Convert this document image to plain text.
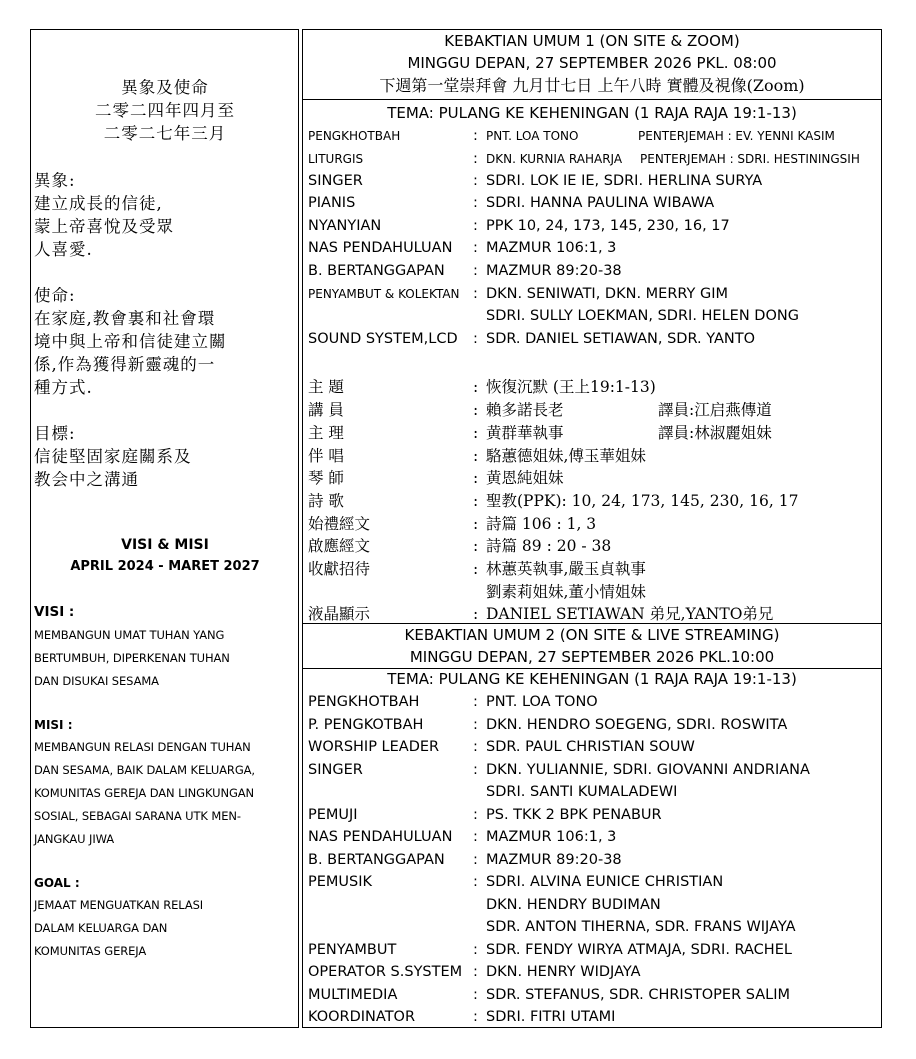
異象及使命
二零二四年四月至
二零二七年三月
異象:
建立成長的信徒,
蒙上帝喜悅及受眾
人喜愛.
使命:
在家庭,教會裏和社會環
境中與上帝和信徒建立關
係,作為獲得新靈魂的一
種方式.
目標:
信徒堅固家庭關系及
教会中之溝通
VISI & MISI
APRIL 2024 - MARET 2027
VISI :
MEMBANGUN UMAT TUHAN YANG
BERTUMBUH, DIPERKENAN TUHAN
DAN DISUKAI SESAMA
MISI :
MEMBANGUN RELASI DENGAN TUHAN
DAN SESAMA, BAIK DALAM KELUARGA,
KOMUNITAS GEREJA DAN LINGKUNGAN
SOSIAL, SEBAGAI SARANA UTK MEN-
JANGKAU JIWA
GOAL :
JEMAAT MENGUATKAN RELASI
DALAM KELUARGA DAN
KOMUNITAS GEREJA
KEBAKTIAN UMUM 1 (ON SITE & ZOOM)
MINGGU DEPAN, 27 SEPTEMBER 2026 PKL. 08:00
下週第一堂崇拜會 九月廿七日 上午八時 實體及視像(Zoom)
TEMA: PULANG KE KEHENINGAN (1 RAJA RAJA 19:1-13)
PENGKHOTBAH	: PNT. LOA TONO	PENTERJEMAH : EV. YENNI KASIM
LITURGIS	: DKN. KURNIA RAHARJA PENTERJEMAH : SDRI. HESTININGSIH
SINGER	: SDRI. LOK IE IE, SDRI. HERLINA SURYA
PIANIS	: SDRI. HANNA PAULINA WIBAWA
NYANYIAN	: PPK 10, 24, 173, 145, 230, 16, 17
NAS PENDAHULUAN : MAZMUR 106:1, 3
B. BERTANGGAPAN : MAZMUR 89:20-38
PENYAMBUT & KOLEKTAN : DKN. SENIWATI, DKN. MERRY GIM
SDRI. SULLY LOEKMAN, SDRI. HELEN DONG
SOUND SYSTEM,LCD : SDR. DANIEL SETIAWAN, SDR. YANTO
主 題	: 恢復沉默 (王上19:1-13)
講 員	: 賴多諾長老	譯員:江启燕傳道
主 理	: 黄群華執事	譯員:林淑麗姐妹
伴 唱	: 駱蕙德姐妹,傅玉華姐妹
琴 師	: 黄恩純姐妹
詩 歌	: 聖教(PPK): 10, 24, 173, 145, 230, 16, 17
始禮經文	: 詩篇 106 : 1, 3
啟應經文	: 詩篇 89 : 20 - 38
收獻招待	: 林蕙英執事,嚴玉貞執事
劉素莉姐妹,董小情姐妹
液晶顯示	: DANIEL SETIAWAN 弟兄,YANTO弟兄
KEBAKTIAN UMUM 2 (ON SITE & LIVE STREAMING)
MINGGU DEPAN, 27 SEPTEMBER 2026 PKL.10:00
TEMA: PULANG KE KEHENINGAN (1 RAJA RAJA 19:1-13)
PENGKHOTBAH	: PNT. LOA TONO
P. PENGKOTBAH	: DKN. HENDRO SOEGENG, SDRI. ROSWITA
WORSHIP LEADER : SDR. PAUL CHRISTIAN SOUW
SINGER	: DKN. YULIANNIE, SDRI. GIOVANNI ANDRIANA
SDRI. SANTI KUMALADEWI
PEMUJI	: PS. TKK 2 BPK PENABUR
NAS PENDAHULUAN : MAZMUR 106:1, 3
B. BERTANGGAPAN : MAZMUR 89:20-38
PEMUSIK	: SDRI. ALVINA EUNICE CHRISTIAN
DKN. HENDRY BUDIMAN
SDR. ANTON TIHERNA, SDR. FRANS WIJAYA
PENYAMBUT	: SDR. FENDY WIRYA ATMAJA, SDRI. RACHEL
OPERATOR S.SYSTEM : DKN. HENRY WIDJAYA
MULTIMEDIA	: SDR. STEFANUS, SDR. CHRISTOPER SALIM
KOORDINATOR	: SDRI. FITRI UTAMI
